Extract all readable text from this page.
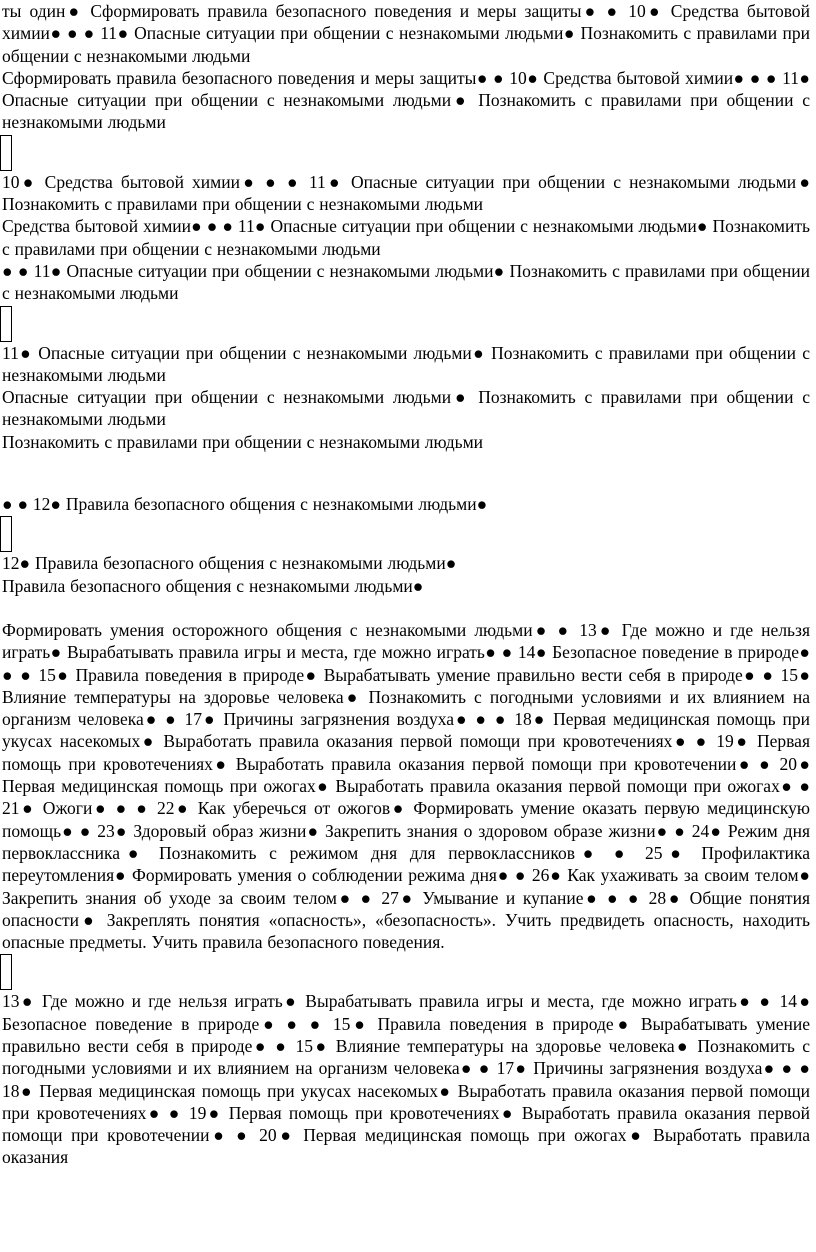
ты один● Сформировать правила безопасного поведения и меры защиты● ● 10● Средства бытовой химии● ● ● 11● Опасные ситуации при общении с незнакомыми людьми● Познакомить с правилами при общении с незнакомыми людьми

Сформировать правила безопасного поведения и меры защиты● ● 10● Средства бытовой химии● ● ● 11● Опасные ситуации при общении с незнакомыми людьми● Познакомить с правилами при общении с незнакомыми людьми

10● Средства бытовой химии● ● ● 11● Опасные ситуации при общении с незнакомыми людьми● Познакомить с правилами при общении с незнакомыми людьми

Средства бытовой химии● ● ● 11● Опасные ситуации при общении с незнакомыми людьми● Познакомить с правилами при общении с незнакомыми людьми

● ● 11● Опасные ситуации при общении с незнакомыми людьми● Познакомить с правилами при общении с незнакомыми людьми

11● Опасные ситуации при общении с незнакомыми людьми● Познакомить с правилами при общении с незнакомыми людьми

Опасные ситуации при общении с незнакомыми людьми● Познакомить с правилами при общении с незнакомыми людьми

Познакомить с правилами при общении с незнакомыми людьми

● ● 12● Правила безопасного общения с незнакомыми людьми●

12● Правила безопасного общения с незнакомыми людьми●

Правила безопасного общения с незнакомыми людьми●

Формировать умения осторожного общения с незнакомыми людьми● ● 13● Где можно и где нельзя играть● Вырабатывать правила игры и места, где можно играть● ● 14● Безопасное поведение в природе● ● ● 15● Правила поведения в природе● Вырабатывать умение правильно вести себя в природе● ● 15● Влияние температуры на здоровье человека● Познакомить с погодными условиями и их влиянием на организм человека● ● 17● Причины загрязнения воздуха● ● ● 18● Первая медицинская помощь при укусах насекомых● Выработать правила оказания первой помощи при кровотечениях● ● 19● Первая помощь при кровотечениях● Выработать правила оказания первой помощи при кровотечении● ● 20● Первая медицинская помощь при ожогах● Выработать правила оказания первой помощи при ожогах● ● 21● Ожоги● ● ● 22● Как уберечься от ожогов● Формировать умение оказать первую медицинскую помощь● ● 23● Здоровый образ жизни● Закрепить знания о здоровом образе жизни● ● 24● Режим дня первоклассника● Познакомить с режимом дня для первоклассников● ● 25● Профилактика переутомления● Формировать умения о соблюдении режима дня● ● 26● Как ухаживать за своим телом● Закрепить знания об уходе за своим телом● ● 27● Умывание и купание● ● ● 28● Общие понятия опасности● Закреплять понятия «опасность», «безопасность». Учить предвидеть опасность, находить опасные предметы. Учить правила безопасного поведения.

13● Где можно и где нельзя играть● Вырабатывать правила игры и места, где можно играть● ● 14● Безопасное поведение в природе● ● ● 15● Правила поведения в природе● Вырабатывать умение правильно вести себя в природе● ● 15● Влияние температуры на здоровье человека● Познакомить с погодными условиями и их влиянием на организм человека● ● 17● Причины загрязнения воздуха● ● ● 18● Первая медицинская помощь при укусах насекомых● Выработать правила оказания первой помощи при кровотечениях● ● 19● Первая помощь при кровотечениях● Выработать правила оказания первой помощи при кровотечении● ● 20● Первая медицинская помощь при ожогах● Выработать правила оказания
